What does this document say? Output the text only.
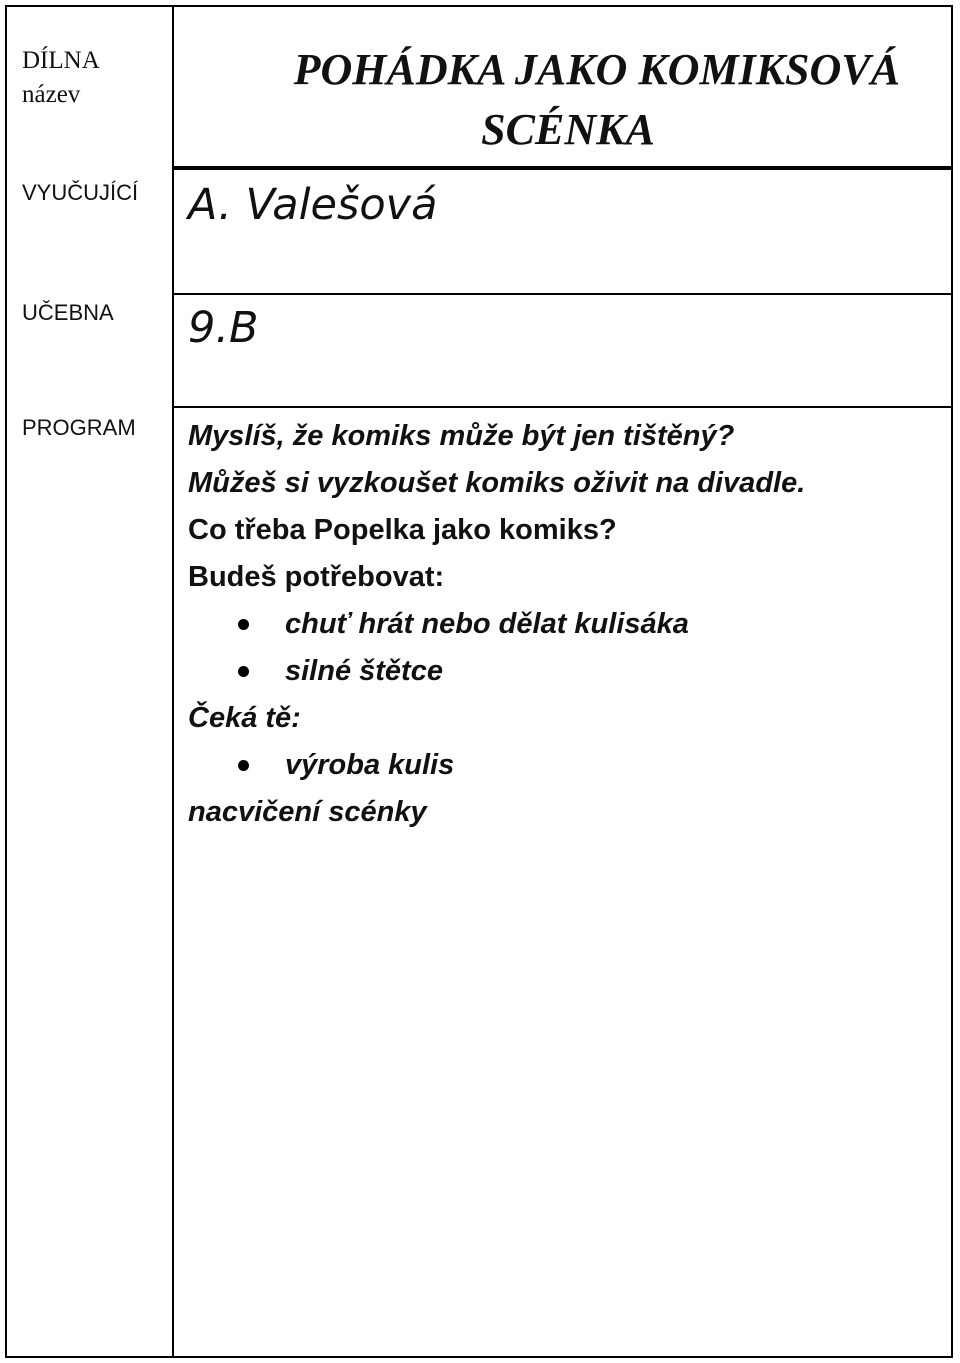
DÍLNA
název
VYUČUJÍCÍ
UČEBNA
PROGRAM
POHÁDKA JAKO KOMIKSOVÁ
SCÉNKA
A. Valešová
9.B
Myslíš, že komiks může být jen tištěný?
Můžeš si vyzkoušet komiks oživit na divadle.
Co třeba Popelka jako komiks?
Budeš potřebovat:
chuť hrát nebo dělat kulisáka
silné štětce
Čeká tě:
výroba kulis
nacvičení scénky
